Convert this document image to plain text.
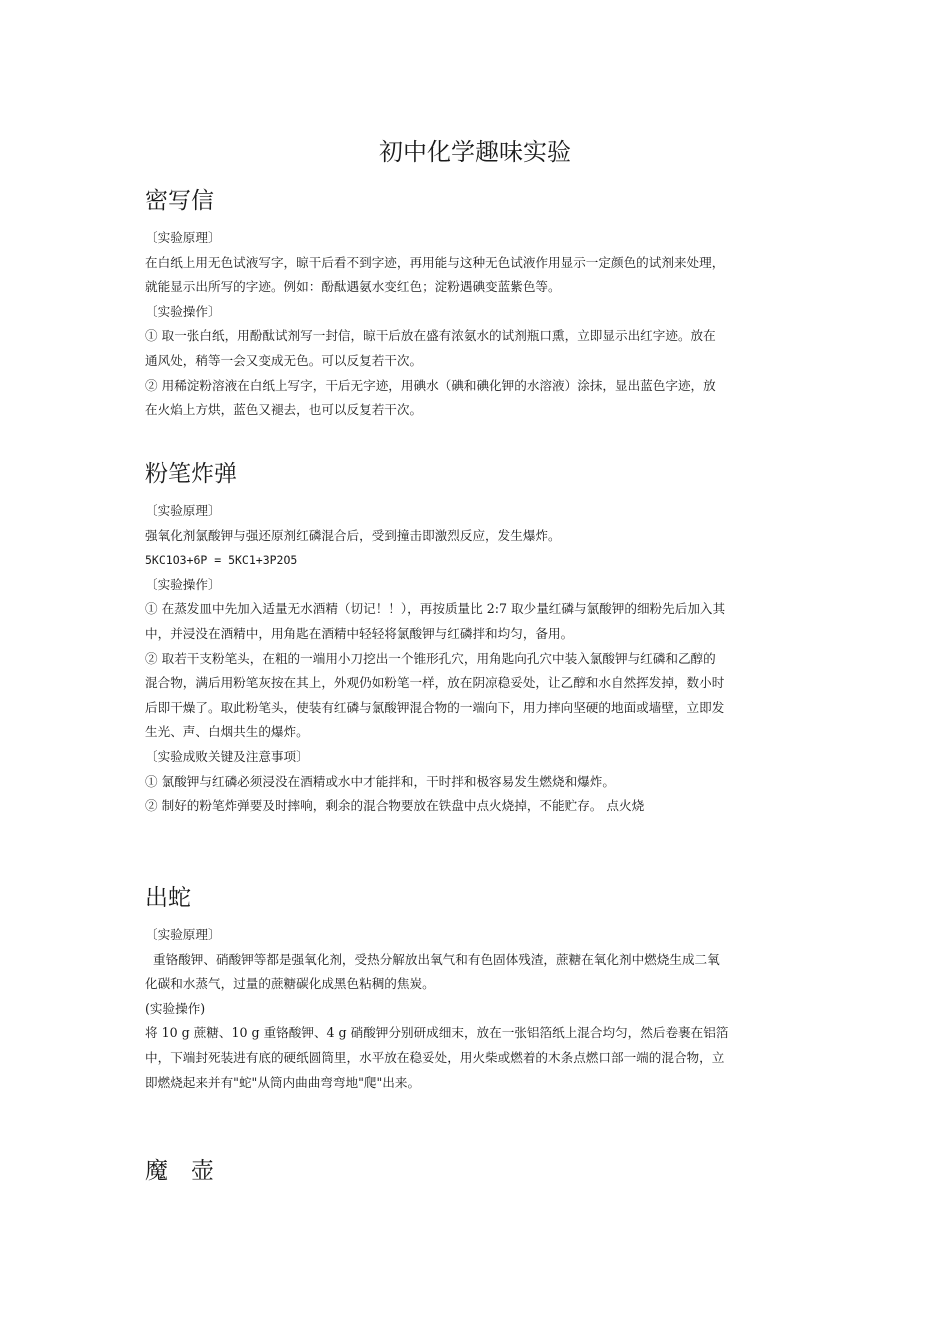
初中化学趣味实验
密写信

〔实验原理〕

在白纸上用无色试液写字，晾干后看不到字迹，再用能与这种无色试液作用显示一定颜色的试剂来处理，

就能显示出所写的字迹。例如：酚酞遇氨水变红色；淀粉遇碘变蓝紫色等。

〔实验操作〕

① 取一张白纸，用酚酞试剂写一封信，晾干后放在盛有浓氨水的试剂瓶口熏，立即显示出红字迹。放在

通风处，稍等一会又变成无色。可以反复若干次。

② 用稀淀粉溶液在白纸上写字，干后无字迹，用碘水（碘和碘化钾的水溶液）涂抹，显出蓝色字迹，放

在火焰上方烘，蓝色又褪去，也可以反复若干次。

粉笔炸弹

〔实验原理〕

强氧化剂氯酸钾与强还原剂红磷混合后，受到撞击即激烈反应，发生爆炸。

5KC1O3+6P = 5KC1+3P2O5

〔实验操作〕

① 在蒸发皿中先加入适量无水酒精（切记！！），再按质量比 2:7 取少量红磷与氯酸钾的细粉先后加入其

中，并浸没在酒精中，用角匙在酒精中轻轻将氯酸钾与红磷拌和均匀，备用。

② 取若干支粉笔头，在粗的一端用小刀挖出一个锥形孔穴，用角匙向孔穴中装入氯酸钾与红磷和乙醇的

混合物，满后用粉笔灰按在其上，外观仍如粉笔一样，放在阴凉稳妥处，让乙醇和水自然挥发掉，数小时

后即干燥了。取此粉笔头，使装有红磷与氯酸钾混合物的一端向下，用力摔向坚硬的地面或墙壁，立即发

生光、声、白烟共生的爆炸。

〔实验成败关键及注意事项〕

① 氯酸钾与红磷必须浸没在酒精或水中才能拌和，干时拌和极容易发生燃烧和爆炸。

② 制好的粉笔炸弹要及时摔响，剩余的混合物要放在铁盘中点火烧掉，不能贮存。 点火烧

出蛇

〔实验原理〕

重铬酸钾、硝酸钾等都是强氧化剂，受热分解放出氧气和有色固体残渣，蔗糖在氧化剂中燃烧生成二氧

化碳和水蒸气，过量的蔗糖碳化成黑色粘稠的焦炭。

(实验操作)

将 10 g 蔗糖、10 g 重铬酸钾、4 g 硝酸钾分别研成细末，放在一张铝箔纸上混合均匀，然后卷裹在铝箔

中，下端封死装进有底的硬纸圆筒里，水平放在稳妥处，用火柴或燃着的木条点燃口部一端的混合物，立

即燃烧起来并有"蛇"从筒内曲曲弯弯地"爬"出来。

魔　壶
